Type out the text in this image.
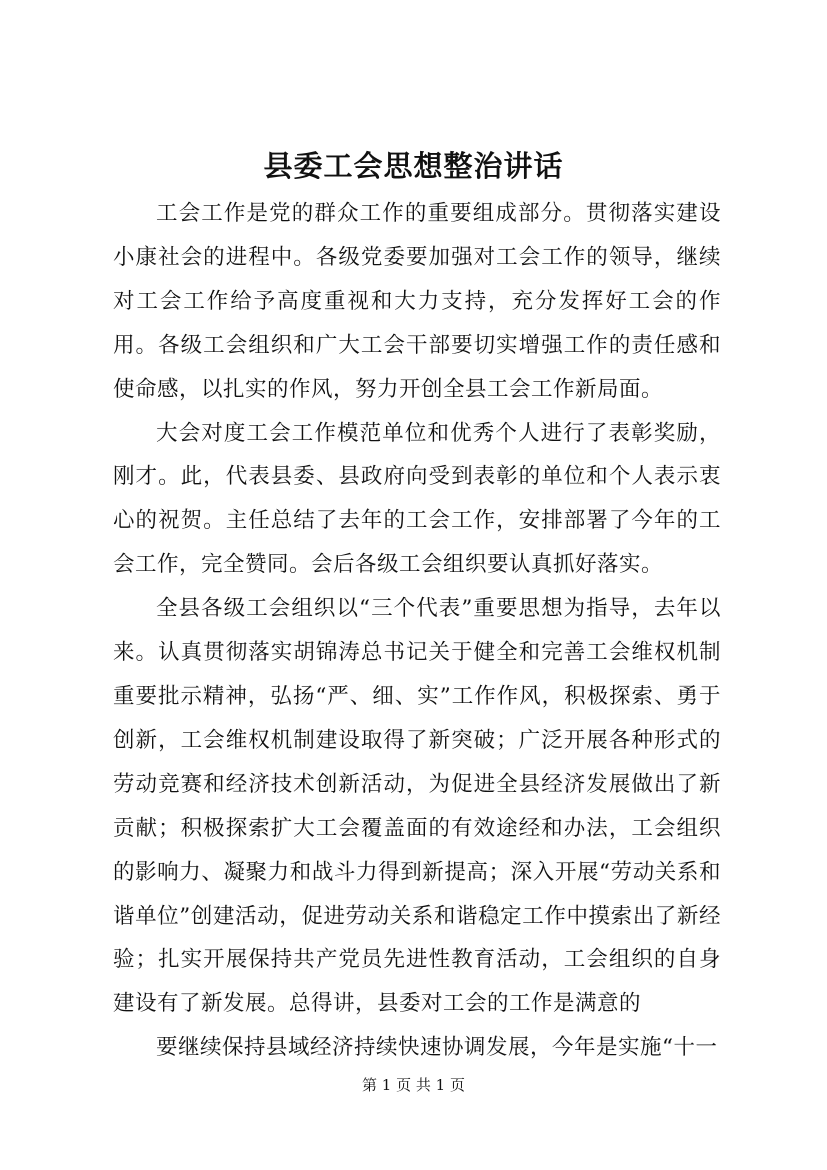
县委工会思想整治讲话

工会工作是党的群众工作的重要组成部分。贯彻落实建设小康社会的进程中。各级党委要加强对工会工作的领导，继续对工会工作给予高度重视和大力支持，充分发挥好工会的作用。各级工会组织和广大工会干部要切实增强工作的责任感和使命感，以扎实的作风，努力开创全县工会工作新局面。

大会对度工会工作模范单位和优秀个人进行了表彰奖励，刚才。此，代表县委、县政府向受到表彰的单位和个人表示衷心的祝贺。主任总结了去年的工会工作，安排部署了今年的工会工作，完全赞同。会后各级工会组织要认真抓好落实。

全县各级工会组织以“三个代表”重要思想为指导，去年以来。认真贯彻落实胡锦涛总书记关于健全和完善工会维权机制重要批示精神，弘扬“严、细、实”工作作风，积极探索、勇于创新，工会维权机制建设取得了新突破；广泛开展各种形式的劳动竞赛和经济技术创新活动，为促进全县经济发展做出了新贡献；积极探索扩大工会覆盖面的有效途经和办法，工会组织的影响力、凝聚力和战斗力得到新提高；深入开展“劳动关系和谐单位”创建活动，促进劳动关系和谐稳定工作中摸索出了新经验；扎实开展保持共产党员先进性教育活动，工会组织的自身建设有了新发展。总得讲，县委对工会的工作是满意的

要继续保持县域经济持续快速协调发展，今年是实施“十一

第 1 页 共 1 页
